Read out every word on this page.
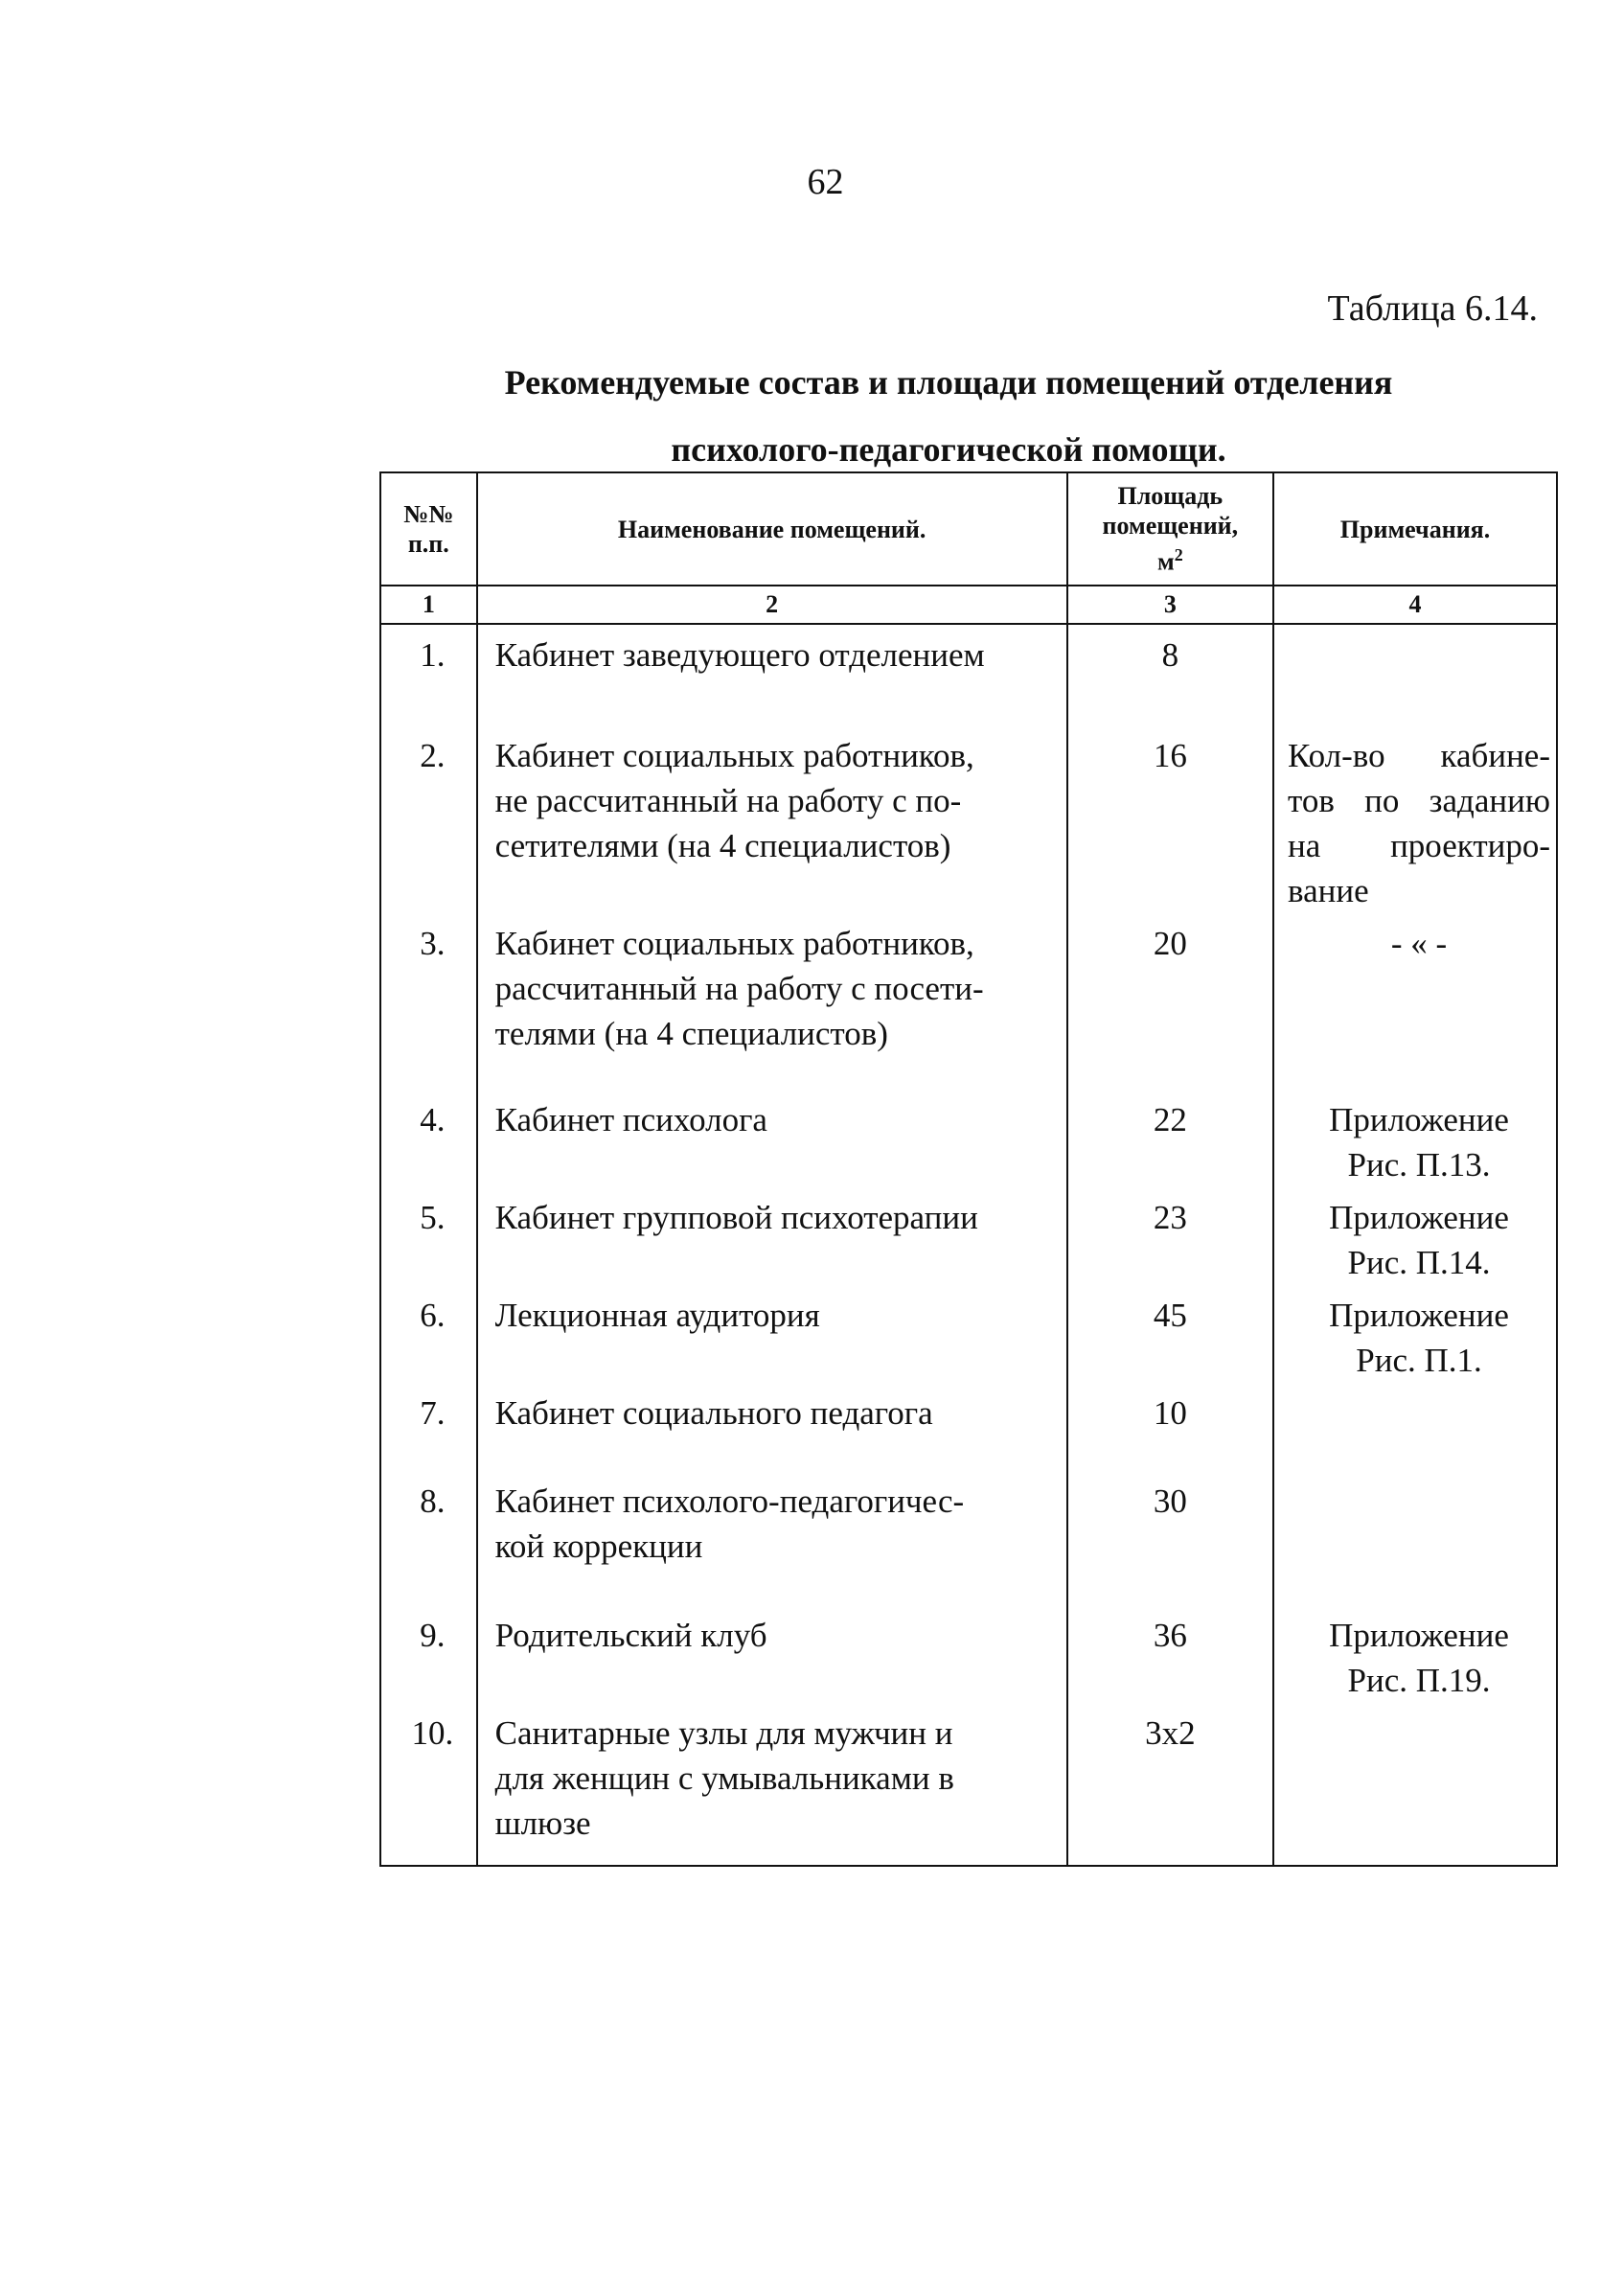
62
Таблица 6.14.
Рекомендуемые состав и площади помещений отделения
психолого-педагогической помощи.
№№
п.п.	Наименование помещений.	Площадь
помещений,
$м^2$	Примечания.
1	2	3	4
1.	Кабинет заведующего отделением	8	
2.	Кабинет социальных работников,
не рассчитанный на работу с по-
сетителями (на 4 специалистов)	16	Кол-во кабине-
тов по заданию
на проектиро-
вание

3.	Кабинет социальных работников,
рассчитанный на работу с посети-
телями (на 4 специалистов)	20	- « -

4.	Кабинет психолога	22	Приложение
Рис. П.13.

5.	Кабинет групповой психотерапии	23	Приложение
Рис. П.14.

6.	Лекционная аудитория	45	Приложение
Рис. П.1.

7.	Кабинет социального педагога	10	
8.	Кабинет психолого-педагогичес-
кой коррекции	30	
9.	Родительский клуб	36	Приложение
Рис. П.19.

10.	Санитарные узлы для мужчин и
для женщин с умывальниками в
шлюзе	3х2	
